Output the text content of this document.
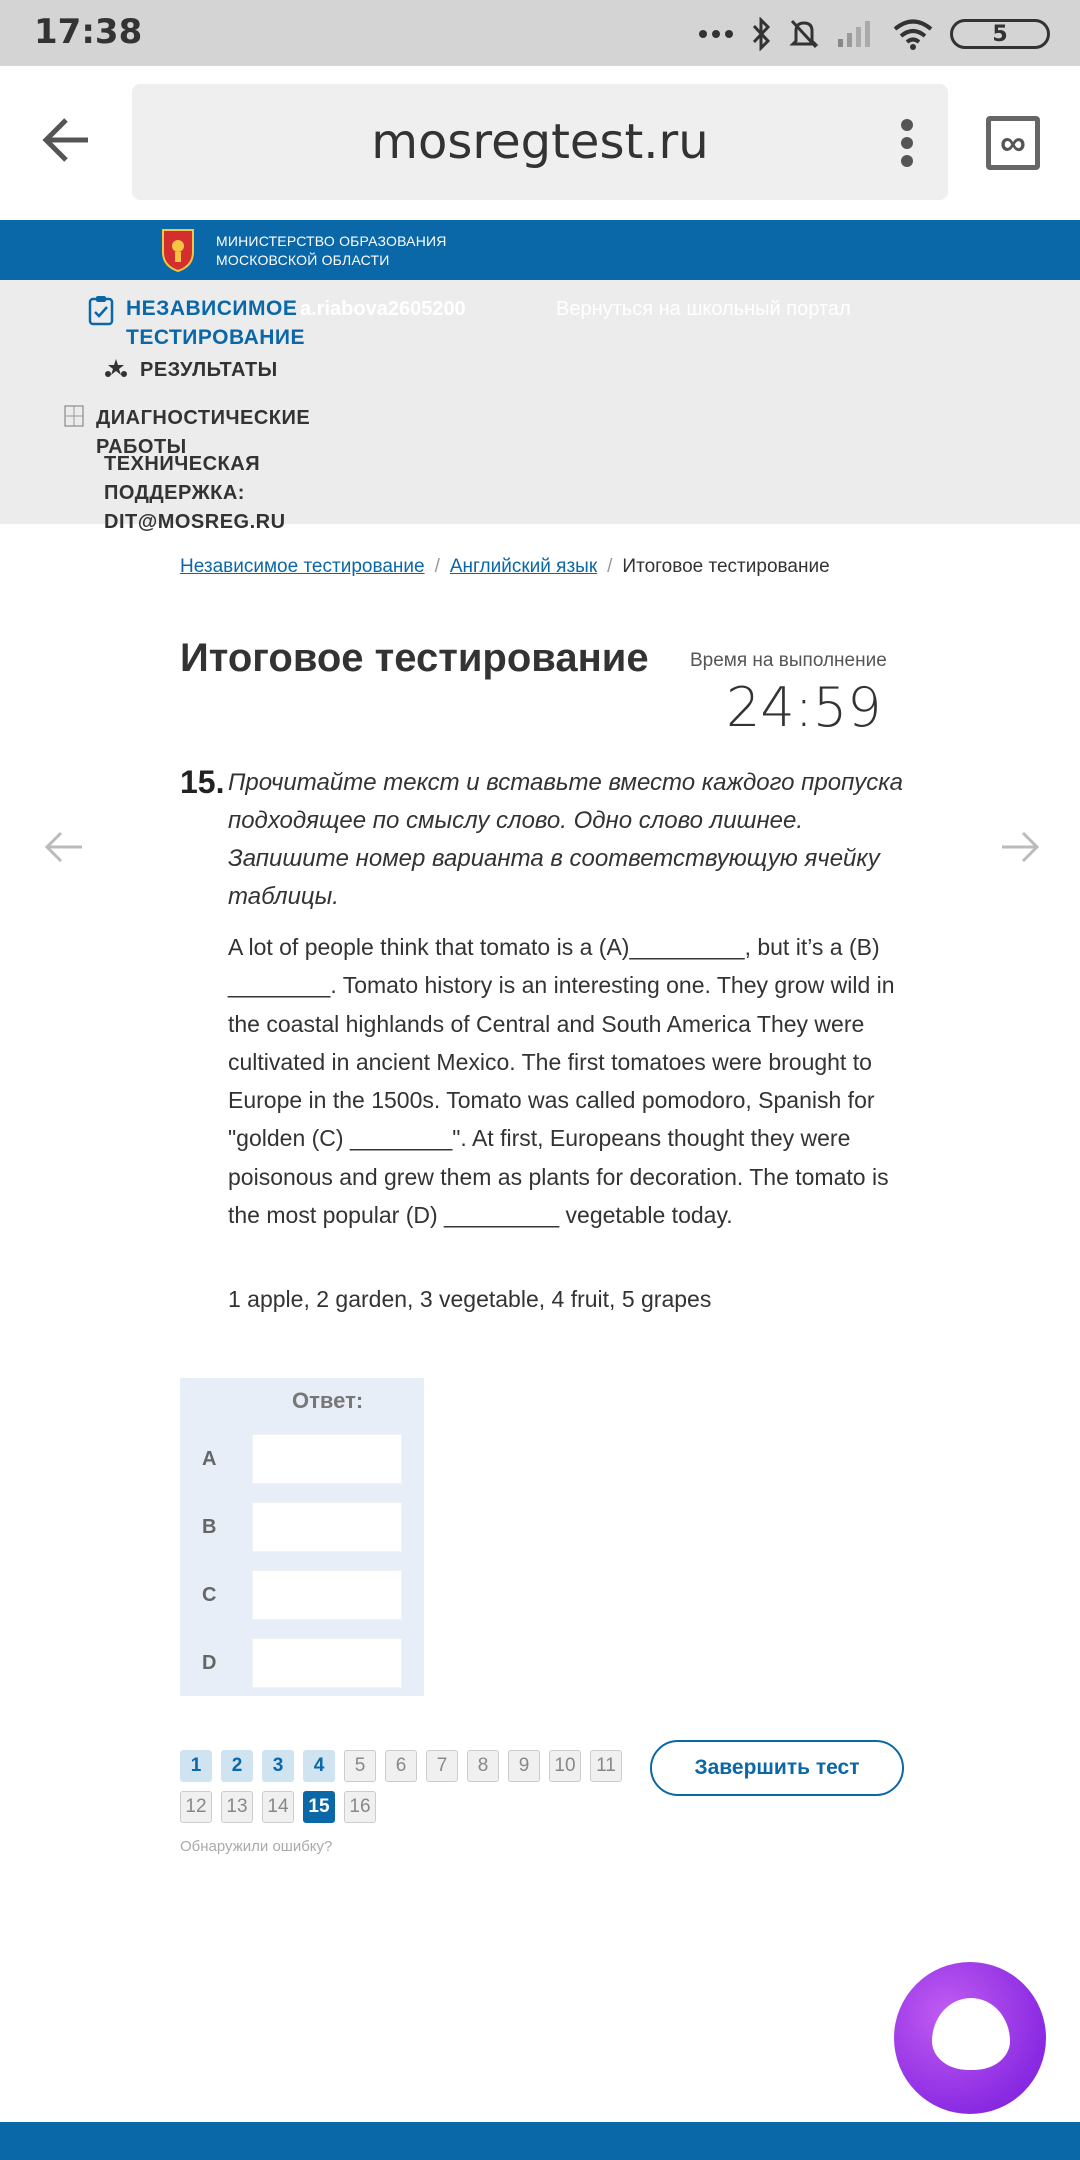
17:38	5
mosregtest.ru	∞
МИНИСТЕРСТВО ОБРАЗОВАНИЯ
МОСКОВСКОЙ ОБЛАСТИ
a.riabova2605200	Вернуться на школьный портал
НЕЗАВИСИМОЕ ТЕСТИРОВАНИЕ
РЕЗУЛЬТАТЫ
ДИАГНОСТИЧЕСКИЕ РАБОТЫ
ТЕХНИЧЕСКАЯ ПОДДЕРЖКА: DIT@MOSREG.RU
Независимое тестирование / Английский язык / Итоговое тестирование
Итоговое тестирование Время на выполнение
24:59
15. Прочитайте текст и вставьте вместо каждого пропуска подходящее по смыслу слово. Одно слово лишнее. Запишите номер варианта в соответствующую ячейку таблицы.
A lot of people think that tomato is a (A)_________, but it’s a (B) ________. Tomato history is an interesting one. They grow wild in the coastal highlands of Central and South America They were cultivated in ancient Mexico. The first tomatoes were brought to Europe in the 1500s. Tomato was called pomodoro, Spanish for "golden (C) ________". At first, Europeans thought they were poisonous and grew them as plants for decoration. The tomato is the most popular (D) _________ vegetable today.
1 apple, 2 garden, 3 vegetable, 4 fruit, 5 grapes
Ответ:
A
B
C
D
1	2	3	4	5	6	7	8	9	10	11
12 13 14 15 16
Завершить тест
Обнаружили ошибку?
